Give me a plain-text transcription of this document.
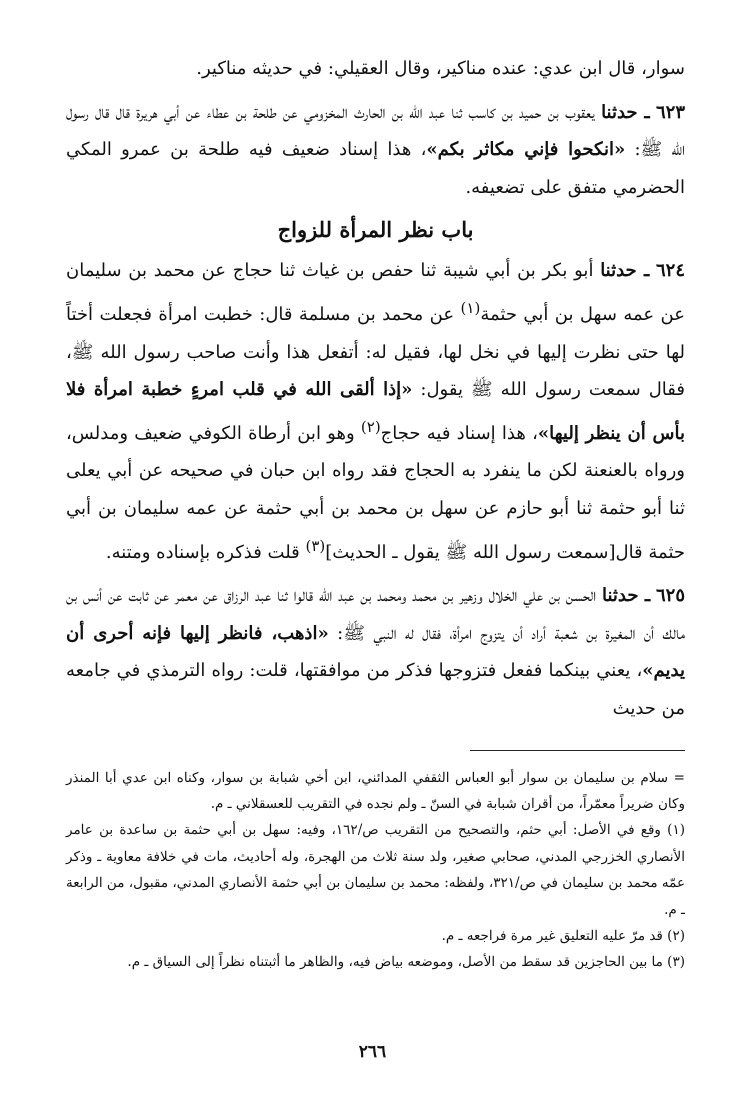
سوار، قال ابن عدي: عنده مناكير، وقال العقيلي: في حديثه مناكير.

٦٢٣ ـ حدثنا يعقوب بن حميد بن كاسب ثنا عبد الله بن الحارث المخزومي عن طلحة بن عطاء عن أبي هريرة قال قال رسول الله ﷺ: «انكحوا فإني مكاثر بكم»، هذا إسناد ضعيف فيه طلحة بن عمرو المكي الحضرمي متفق على تضعيفه.

باب نظر المرأة للزواج

٦٢٤ ـ حدثنا أبو بكر بن أبي شيبة ثنا حفص بن غياث ثنا حجاج عن محمد بن سليمان عن عمه سهل بن أبي حثمة$^{(١)}$ عن محمد بن مسلمة قال: خطبت امرأة فجعلت أختاً لها حتى نظرت إليها في نخل لها، فقيل له: أتفعل هذا وأنت صاحب رسول الله ﷺ، فقال سمعت رسول الله ﷺ يقول: «إذا ألقى الله في قلب امرءٍ خطبة امرأة فلا بأس أن ينظر إليها»، هذا إسناد فيه حجاج$^{(٢)}$ وهو ابن أرطاة الكوفي ضعيف ومدلس، ورواه بالعنعنة لكن ما ينفرد به الحجاج فقد رواه ابن حبان في صحيحه عن أبي يعلى ثنا أبو حثمة ثنا أبو حازم عن سهل بن محمد بن أبي حثمة عن عمه سليمان بن أبي حثمة قال[سمعت رسول الله ﷺ يقول ـ الحديث]$^{(٣)}$ قلت فذكره بإسناده ومتنه.

٦٢٥ ـ حدثنا الحسن بن علي الخلال وزهير بن محمد ومحمد بن عبد الله قالوا ثنا عبد الرزاق عن معمر عن ثابت عن أنس بن مالك أن المغيرة بن شعبة أراد أن يتزوج امرأة، فقال له النبي ﷺ: «اذهب، فانظر إليها فإنه أحرى أن يديم»، يعني بينكما ففعل فتزوجها فذكر من موافقتها، قلت: رواه الترمذي في جامعه من حديث

= سلام بن سليمان بن سوار أبو العباس الثقفي المدائني، ابن أخي شبابة بن سوار، وكناه ابن عدي أبا المنذر وكان ضريراً معمّراً، من أقران شبابة في السنّ ـ ولم نجده في التقريب للعسقلاني ـ م.

(١) وقع في الأصل: أبي حثم، والتصحيح من التقريب ص/١٦٢، وفيه: سهل بن أبي حثمة بن ساعدة بن عامر الأنصاري الخزرجي المدني، صحابي صغير، ولد سنة ثلاث من الهجرة، وله أحاديث، مات في خلافة معاوية ـ وذكر عمّه محمد بن سليمان في ص/٣٢١، ولفظه: محمد بن سليمان بن أبي حثمة الأنصاري المدني، مقبول، من الرابعة ـ م.

(٢) قد مرّ عليه التعليق غير مرة فراجعه ـ م.

(٣) ما بين الحاجزين قد سقط من الأصل، وموضعه بياض فيه، والظاهر ما أثبتناه نظراً إلى السياق ـ م.

٢٦٦
